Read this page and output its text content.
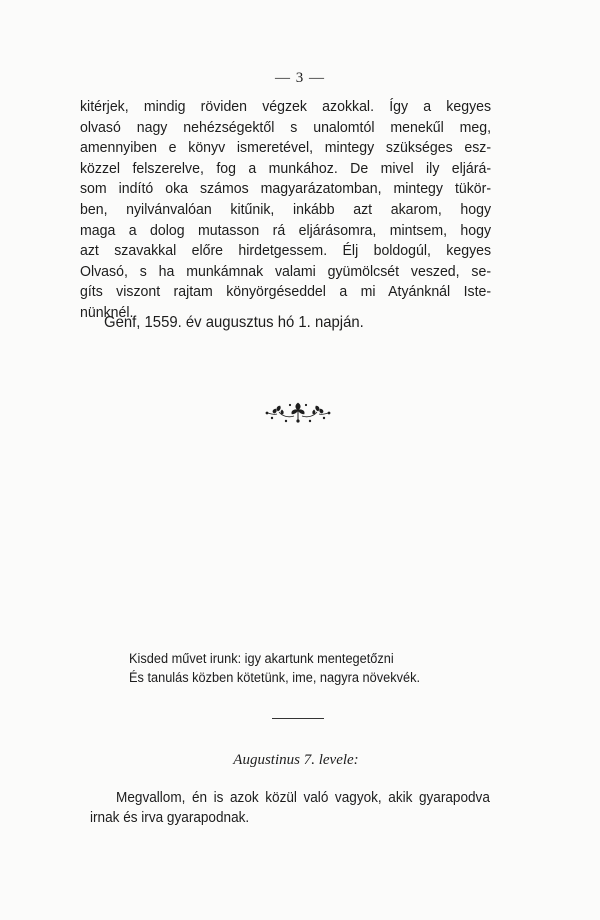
— 3 —
kitérjek, mindig röviden végzek azokkal. Így a kegyes
olvasó nagy nehézségektől s unalomtól menekűl meg,
amennyiben e könyv ismeretével, mintegy szükséges esz-
közzel felszerelve, fog a munkához. De mivel ily eljárá-
som indító oka számos magyarázatomban, mintegy tükör-
ben, nyilvánvalóan kitűnik, inkább azt akarom, hogy
maga a dolog mutasson rá eljárásomra, mintsem, hogy
azt szavakkal előre hirdetgessem. Élj boldogúl, kegyes
Olvasó, s ha munkámnak valami gyümölcsét veszed, se-
gíts viszont rajtam könyörgéseddel a mi Atyánknál Iste-
nünknél.
Genf, 1559. év augusztus hó 1. napján.
Kisded művet irunk: igy akartunk mentegetőzni
És tanulás közben kötetünk, ime, nagyra növekvék.
Augustinus 7. levele:
Megvallom, én is azok közül való vagyok, akik gyarapodva
irnak és irva gyarapodnak.
